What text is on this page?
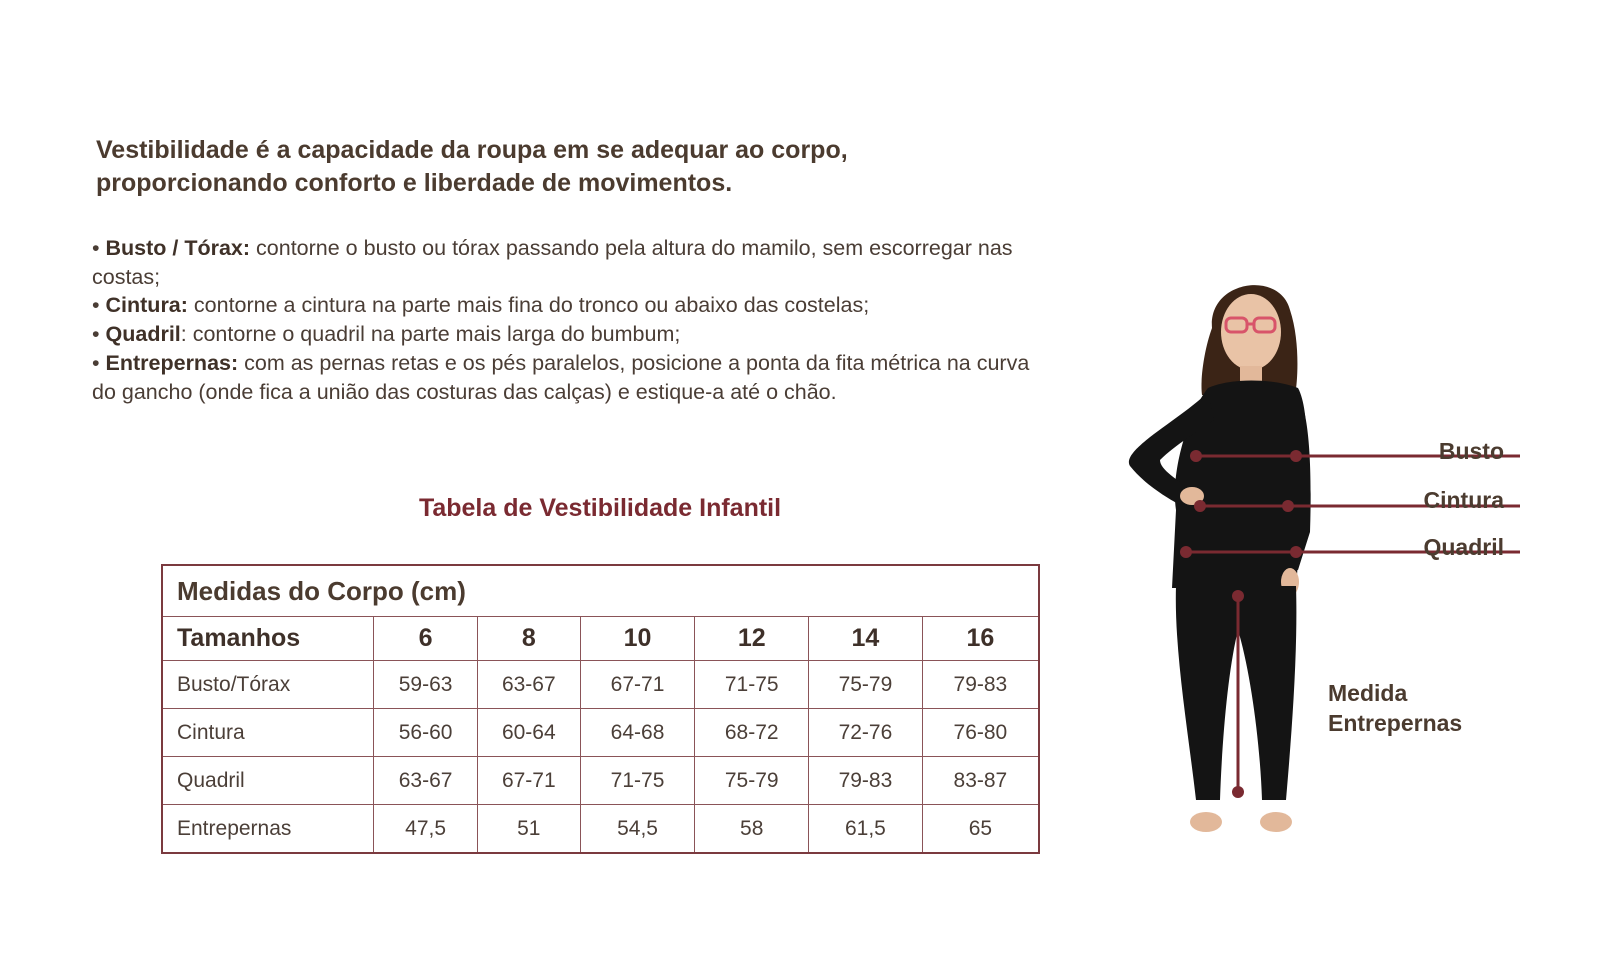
Vestibilidade é a capacidade da roupa em se adequar ao corpo,
proporcionando conforto e liberdade de movimentos.

• Busto / Tórax: contorne o busto ou tórax passando pela altura do mamilo, sem escorregar nas costas;

• Cintura: contorne a cintura na parte mais fina do tronco ou abaixo das costelas;

• Quadril: contorne o quadril na parte mais larga do bumbum;

• Entrepernas: com as pernas retas e os pés paralelos, posicione a ponta da fita métrica na curva do gancho (onde fica a união das costuras das calças) e estique-a até o chão.

Tabela de Vestibilidade Infantil
Medidas do Corpo (cm)						
Tamanhos	6	8	10	12	14	16
Busto/Tórax	59-63	63-67	67-71	71-75	75-79	79-83
Cintura	56-60	60-64	64-68	68-72	72-76	76-80
Quadril	63-67	67-71	71-75	75-79	79-83	83-87
Entrepernas	47,5	51	54,5	58	61,5	65
Busto
Cintura
Quadril
Medida
Entrepernas
